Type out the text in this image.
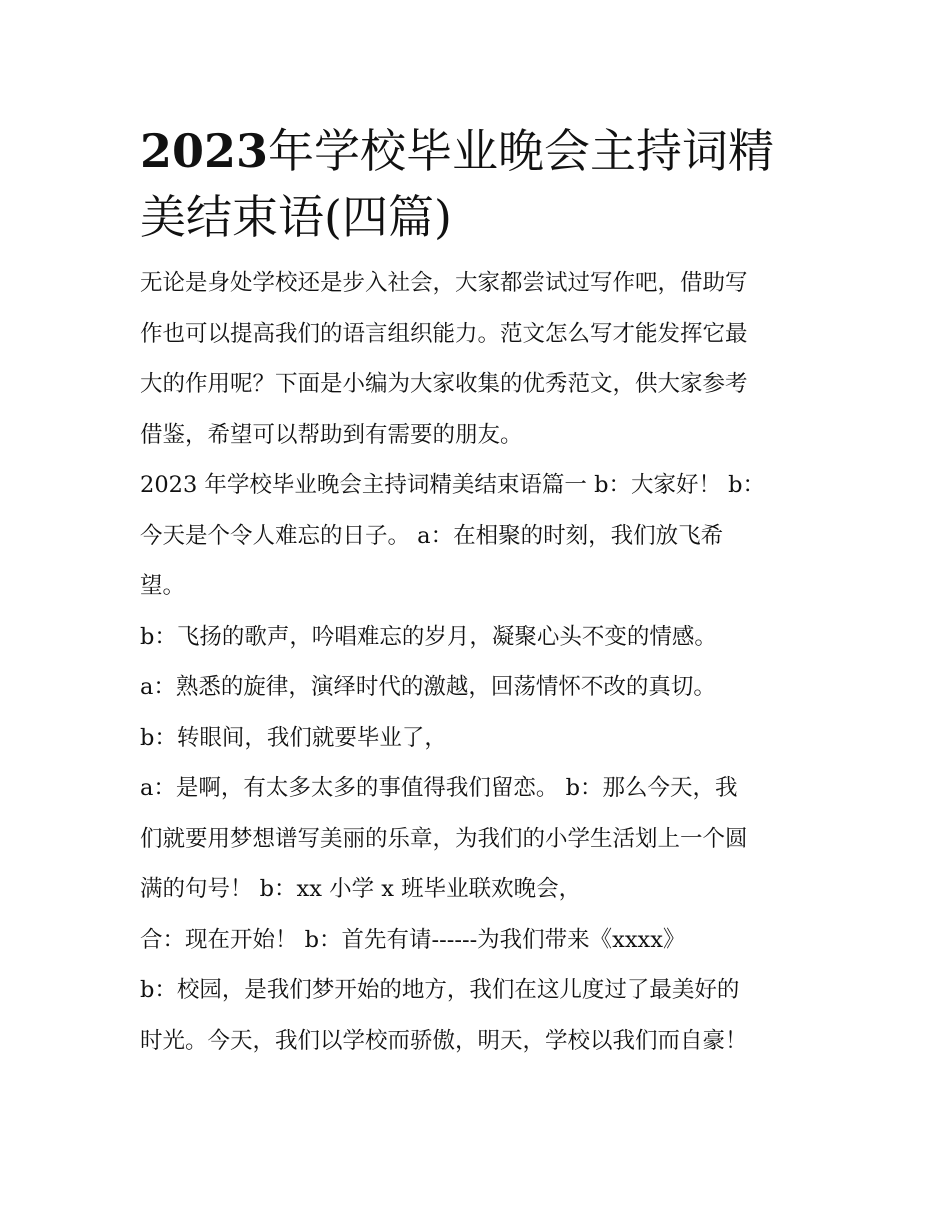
2023年学校毕业晚会主持词精
美结束语(四篇)

无论是身处学校还是步入社会，大家都尝试过写作吧，借助写
作也可以提高我们的语言组织能力。范文怎么写才能发挥它最
大的作用呢？下面是小编为大家收集的优秀范文，供大家参考
借鉴，希望可以帮助到有需要的朋友。

2023 年学校毕业晚会主持词精美结束语篇一 b：大家好！ b：
今天是个令人难忘的日子。 a：在相聚的时刻，我们放飞希
望。

b：飞扬的歌声，吟唱难忘的岁月，凝聚心头不变的情感。

a：熟悉的旋律，演绎时代的激越，回荡情怀不改的真切。

b：转眼间，我们就要毕业了，

a：是啊，有太多太多的事值得我们留恋。 b：那么今天，我
们就要用梦想谱写美丽的乐章，为我们的小学生活划上一个圆
满的句号！ b：xx 小学 x 班毕业联欢晚会，

合：现在开始！ b：首先有请------为我们带来《xxxx》

b：校园，是我们梦开始的地方，我们在这儿度过了最美好的
时光。今天，我们以学校而骄傲，明天，学校以我们而自豪！
